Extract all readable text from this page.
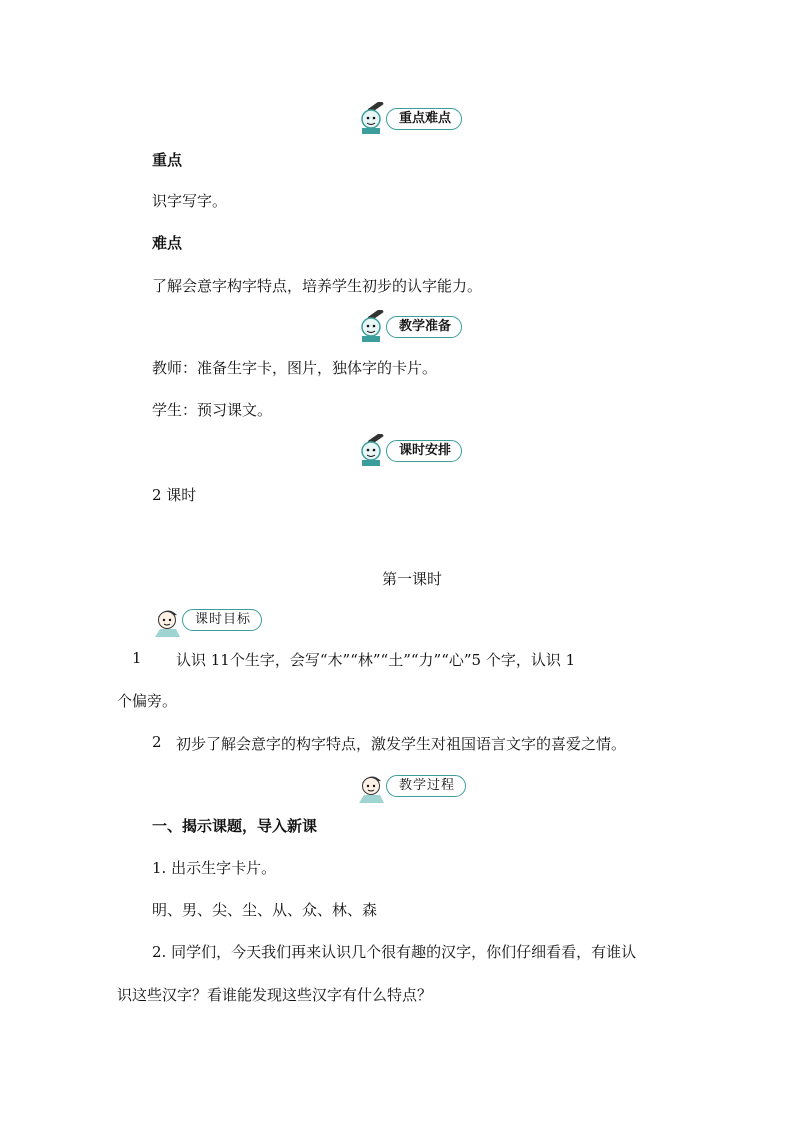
重点难点
重点
识字写字。
难点
了解会意字构字特点，培养学生初步的认字能力。
教学准备
教师：准备生字卡，图片，独体字的卡片。
学生：预习课文。
课时安排
2 课时
第一课时
课时目标
1 认识 11个生字，会写“木”“林”“土”“力”“心”5 个字，认识 1
个偏旁。
2 初步了解会意字的构字特点，激发学生对祖国语言文字的喜爱之情。
教学过程
一、揭示课题，导入新课
1. 出示生字卡片。
明、男、尖、尘、从、众、林、森
2. 同学们，今天我们再来认识几个很有趣的汉字，你们仔细看看，有谁认
识这些汉字？看谁能发现这些汉字有什么特点？
